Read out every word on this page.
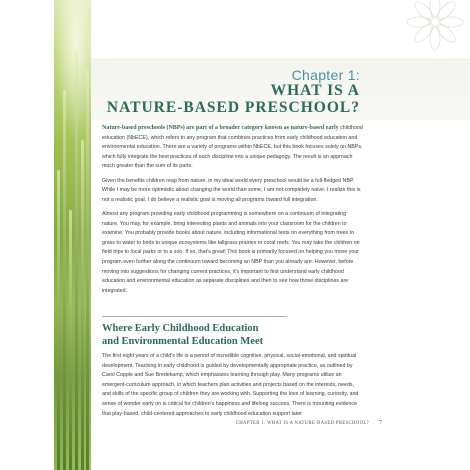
Chapter 1:
WHAT IS A
NATURE-BASED PRESCHOOL?

Nature-based preschools (NBPs) are part of a broader category known as nature-based early childhood education (NbECE), which refers to any program that combines practices from early childhood education and environmental education. There are a variety of programs within NbECE, but this book focuses solely on NBPs, which fully integrate the best practices of each discipline into a unique pedagogy. The result is an approach much greater than the sum of its parts.

Given the benefits children reap from nature, in my ideal world every preschool would be a full-fledged NBP. While I may be more optimistic about changing the world than some, I am not completely naive. I realize this is not a realistic goal. I do believe a realistic goal is moving all programs toward full integration.

Almost any program providing early childhood programming is somewhere on a continuum of integrating nature. You may, for example, bring interesting plants and animals into your classroom for the children to examine. You probably provide books about nature, including informational texts on everything from trees to grass to water to birds to unique ecosystems like tallgrass prairies or coral reefs. You may take the children on field trips to local parks or to a zoo. If so, that's great! This book is primarily focused on helping you move your program even further along the continuum toward becoming an NBP than you already are. However, before moving into suggestions for changing current practices, it's important to first understand early childhood education and environmental education as separate disciplines and then to see how those disciplines are integrated.

Where Early Childhood Education
and Environmental Education Meet

The first eight years of a child's life is a period of incredible cognitive, physical, social-emotional, and spiritual development. Teaching in early childhood is guided by developmentally appropriate practice, as outlined by Carol Copple and Sue Bredekamp, which emphasizes learning through play. Many programs utilize an emergent-curriculum approach, in which teachers plan activities and projects based on the interests, needs, and skills of the specific group of children they are working with. Supporting the love of learning, curiosity, and sense of wonder early on is critical for children's happiness and lifelong success. There is mounting evidence that play-based, child-centered approaches to early childhood education support later

CHAPTER 1: WHAT IS A NATURE-BASED PRESCHOOL? 7
